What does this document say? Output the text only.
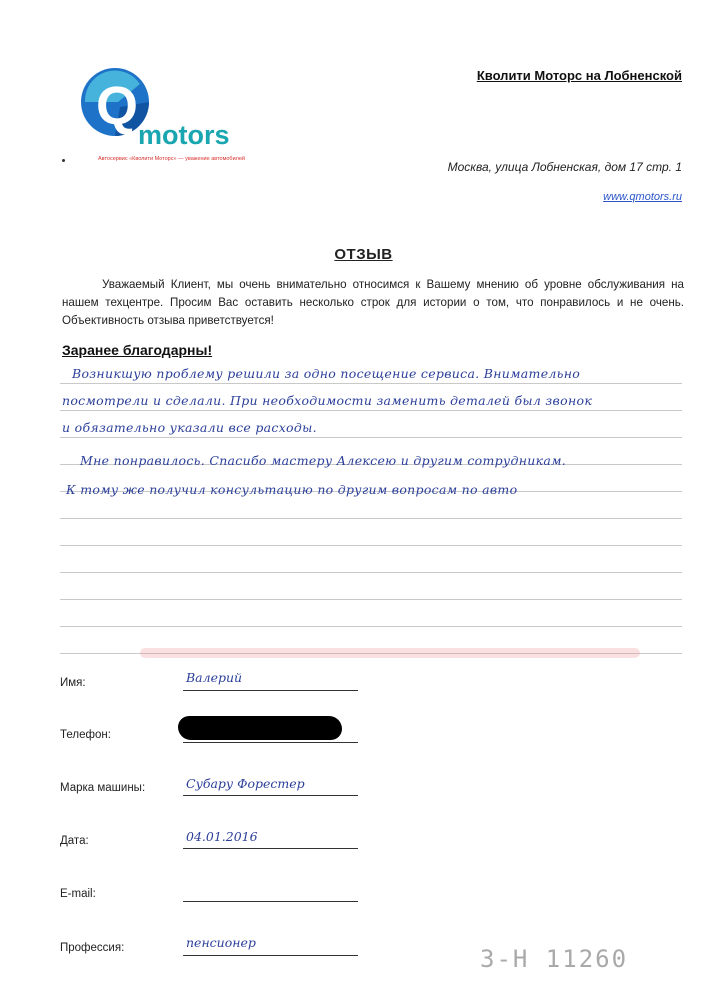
Q motors
Автосервис «Кволити Моторс» — уважение автомобилей
Кволити Моторс на Лобненской
Москва, улица Лобненская, дом 17 стр. 1
www.qmotors.ru
ОТЗЫВ
Уважаемый Клиент, мы очень внимательно относимся к Вашему мнению об уровне обслуживания на нашем техцентре. Просим Вас оставить несколько строк для истории о том, что понравилось и не очень. Объективность отзыва приветствуется!
Заранее благодарны!
Возникшую проблему решили за одно посещение сервиса. Внимательно
посмотрели и сделали. При необходимости заменить деталей был звонок
и обязательно указали все расходы.
Мне понравилось. Спасибо мастеру Алексею и другим сотрудникам.
К тому же получил консультацию по другим вопросам по авто
Имя:	Валерий
Телефон:
Марка машины:	Субару Форестер
Дата:	04.01.2016
E-mail:
Профессия:	пенсионер
3-Н 11260
